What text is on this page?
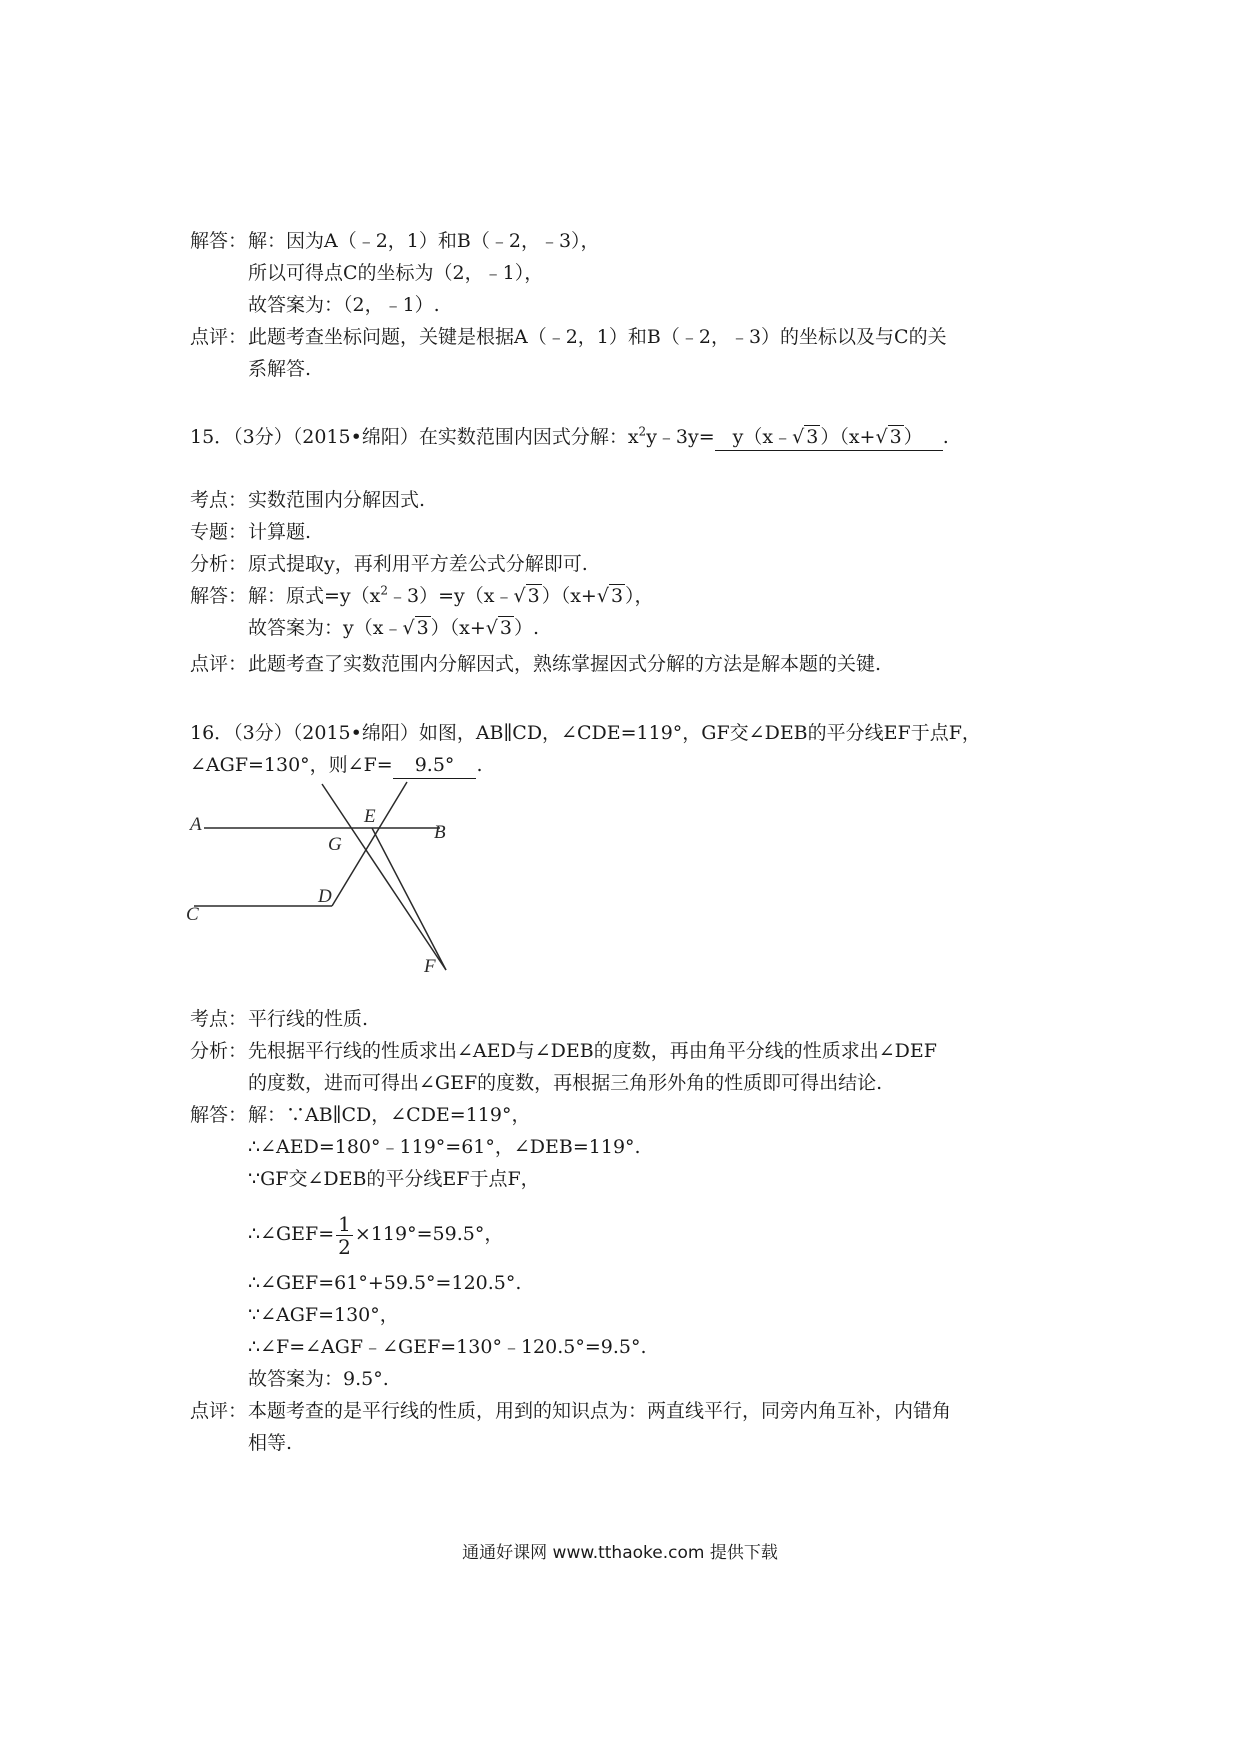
解答：解：因为A（﹣2，1）和B（﹣2，﹣3），
所以可得点C的坐标为（2，﹣1），
故答案为：（2，﹣1）.
点评：此题考查坐标问题，关键是根据A（﹣2，1）和B（﹣2，﹣3）的坐标以及与C的关
系解答.
15．（3分）（2015•绵阳）在实数范围内因式分解：$x^2y﹣3y=$ y（x﹣√ 3 ）（x+√ 3 ） .
考点：实数范围内分解因式.
专题：计算题.
分析：原式提取y，再利用平方差公式分解即可.
解答：解：原式$=y(x^2﹣3)=y(x﹣√$ 3 ）（x+√ 3 ），
故答案为：y（x﹣√ 3 ）（x+√ 3 ）.
点评：此题考查了实数范围内分解因式，熟练掌握因式分解的方法是解本题的关键.
16．（3分）（2015•绵阳）如图，AB∥CD，∠CDE=119°，GF交∠DEB的平分线EF于点F，
∠AGF=130°，则∠F= 9.5° .
A	B
C
D
E
F
G
考点：平行线的性质.
分析：先根据平行线的性质求出∠AED与∠DEB的度数，再由角平分线的性质求出∠DEF
的度数，进而可得出∠GEF的度数，再根据三角形外角的性质即可得出结论.
解答：解：∵AB∥CD，∠CDE=119°，
∴∠AED=180°﹣119°=61°，∠DEB=119°.
∵GF交∠DEB的平分线EF于点F，
∴∠GEF= $\frac{1}{2} \times 119^\circ=59.5^\circ$，
∴∠GEF=61°+59.5°=120.5°.
∵∠AGF=130°，
∴∠F=∠AGF﹣∠GEF=130°﹣120.5°=9.5°.
故答案为：9.5°.
点评：本题考查的是平行线的性质，用到的知识点为：两直线平行，同旁内角互补，内错角
相等.
通通好课网 www.tthaoke.com 提供下载
